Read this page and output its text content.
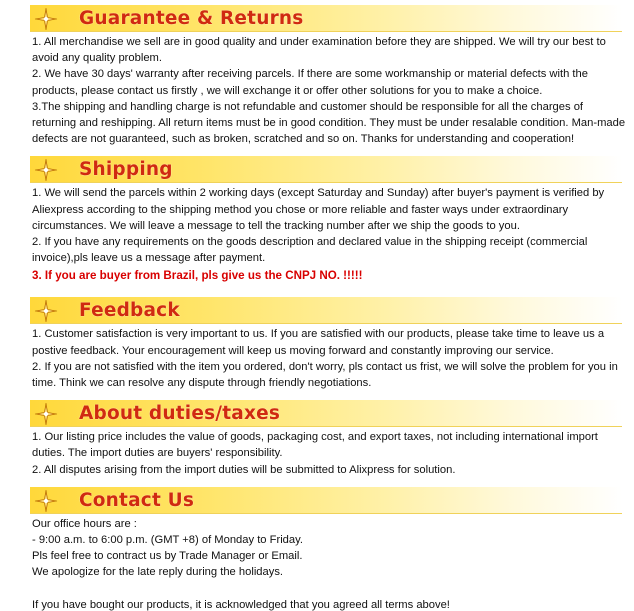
Guarantee & Returns

1. All merchandise we sell are in good quality and under examination before they are shipped. We will try our best to avoid any quality problem.

2. We have 30 days' warranty after receiving parcels. If there are some workmanship or material defects with the products, please contact us firstly , we will exchange it or offer other solutions for you to make a choice.

3.The shipping and handling charge is not refundable and customer should be responsible for all the charges of returning and reshipping. All return items must be in good condition. They must be under resalable condition. Man-made defects are not guaranteed, such as broken, scratched and so on. Thanks for understanding and cooperation!

Shipping

1. We will send the parcels within 2 working days (except Saturday and Sunday) after buyer's payment is verified by Aliexpress according to the shipping method you chose or more reliable and faster ways under extraordinary circumstances. We will leave a message to tell the tracking number after we ship the goods to you.

2. If you have any requirements on the goods description and declared value in the shipping receipt (commercial invoice),pls leave us a message after payment.

3. If you are buyer from Brazil, pls give us the CNPJ NO. !!!!!

Feedback

1. Customer satisfaction is very important to us. If you are satisfied with our products, please take time to leave us a postive feedback. Your encouragement will keep us moving forward and constantly improving our service.

2. If you are not satisfied with the item you ordered, don't worry, pls contact us frist, we will solve the problem for you in time. Think we can resolve any dispute through friendly negotiations.

About duties/taxes

1. Our listing price includes the value of goods, packaging cost, and export taxes, not including international import duties. The import duties are buyers' responsibility.

2. All disputes arising from the import duties will be submitted to Alixpress for solution.

Contact Us

Our office hours are :

- 9:00 a.m. to 6:00 p.m. (GMT +8) of Monday to Friday.

Pls feel free to contract us by Trade Manager or Email.

We apologize for the late reply during the holidays.

If you have bought our products, it is acknowledged that you agreed all terms above!
